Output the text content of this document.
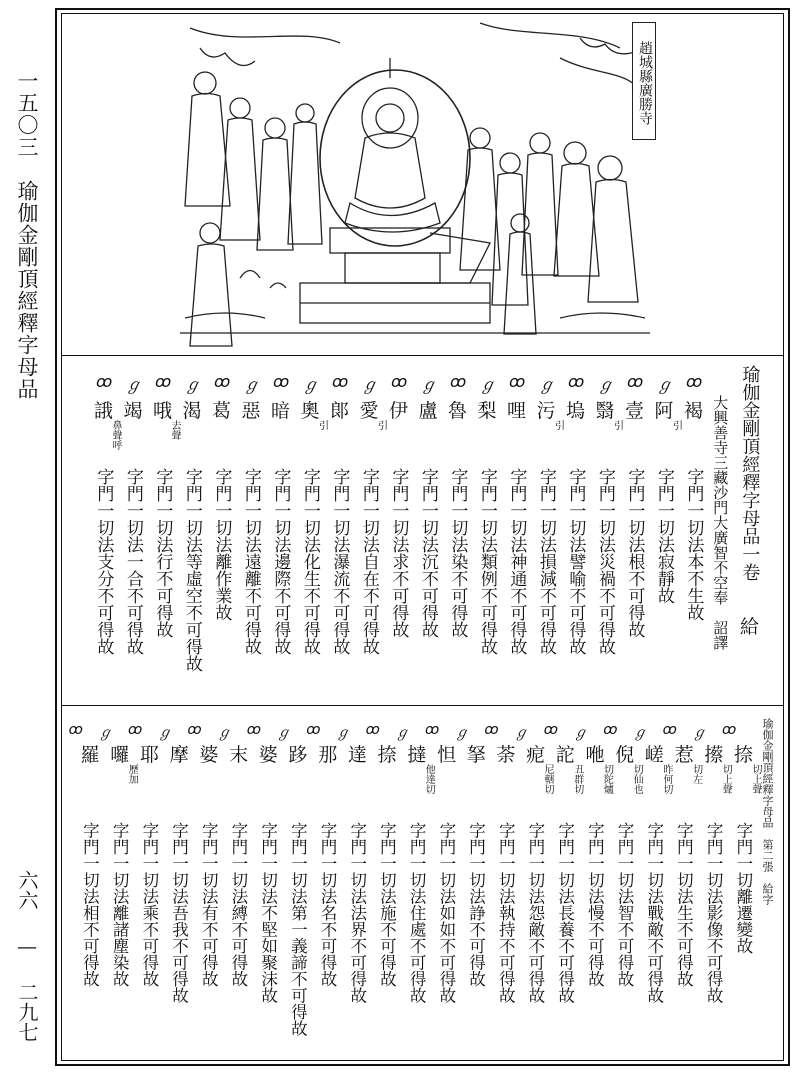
一五〇三　瑜伽金剛頂經釋字母品
六六 — 二九七
趙城縣廣勝寺
瑜伽金剛頂經釋字母品一卷
給
大興善寺三藏沙門大廣智不空奉　詔譯
ꝏ
褐
字門一切法本不生故
ℊ
阿
引
字門一切法寂靜故
ꝏ
壹
字門一切法根不可得故
ℊ
翳
引
字門一切法災禍不可得故
ꝏ
塢
字門一切法譬喻不可得故
ℊ
污
引
字門一切法損減不可得故
ꝏ
哩
字門一切法神通不可得故
ℊ
梨
字門一切法類例不可得故
ꝏ
魯
字門一切法染不可得故
ℊ
盧
字門一切法沉不可得故
ꝏ
伊
字門一切法求不可得故
ℊ
愛
引
字門一切法自在不可得故
ꝏ
郞
字門一切法瀑流不可得故
ℊ
奧
引
字門一切法化生不可得故
ꝏ
暗
字門一切法邊際不可得故
ℊ
惡
字門一切法遠離不可得故
ꝏ
葛
字門一切法離作業故
ℊ
渴
字門一切法等虛空不可得故
ꝏ
哦
去聲
字門一切法行不可得故
ℊ
竭
字門一切法一合不可得故
ꝏ
誐
鼻聲呼
字門一切法支分不可得故
瑜伽金剛頂經釋字母品　第二張　給字
ꝏ
捺
切上聲
字門一切離遷變故
ℊ
攃
切上聲
字門一切法影像不可得故
ꝏ
惹
切左
字門一切法生不可得故
ℊ
嵯
昨何切
字門一切法戰敵不可得故
ꝏ
倪
切仙也
字門一切法智不可得故
ℊ
咃
切陀爐
字門一切法慢不可得故
ꝏ
詑
丑群切
字門一切法長養不可得故
ℊ
痆
尼轄切
字門一切法怨敵不可得故
ꝏ
荼
字門一切法執持不可得故
ℊ
拏
字門一切法諍不可得故
ꝏ
怛
字門一切法如如不可得故
ℊ
撻
他達切
字門一切法住處不可得故
ꝏ
捺
字門一切法施不可得故
ℊ
達
字門一切法法界不可得故
ꝏ
那
字門一切法名不可得故
ℊ
跢
字門一切法第一義諦不可得故
ꝏ
婆
字門一切法不堅如聚沫故
ℊ
末
字門一切法縛不可得故
ꝏ
婆
字門一切法有不可得故
ℊ
摩
字門一切法吾我不可得故
ꝏ
耶
字門一切法乘不可得故
ℊ
囉
歷加
字門一切法離諸塵染故
ꝏ
羅
字門一切法相不可得故
